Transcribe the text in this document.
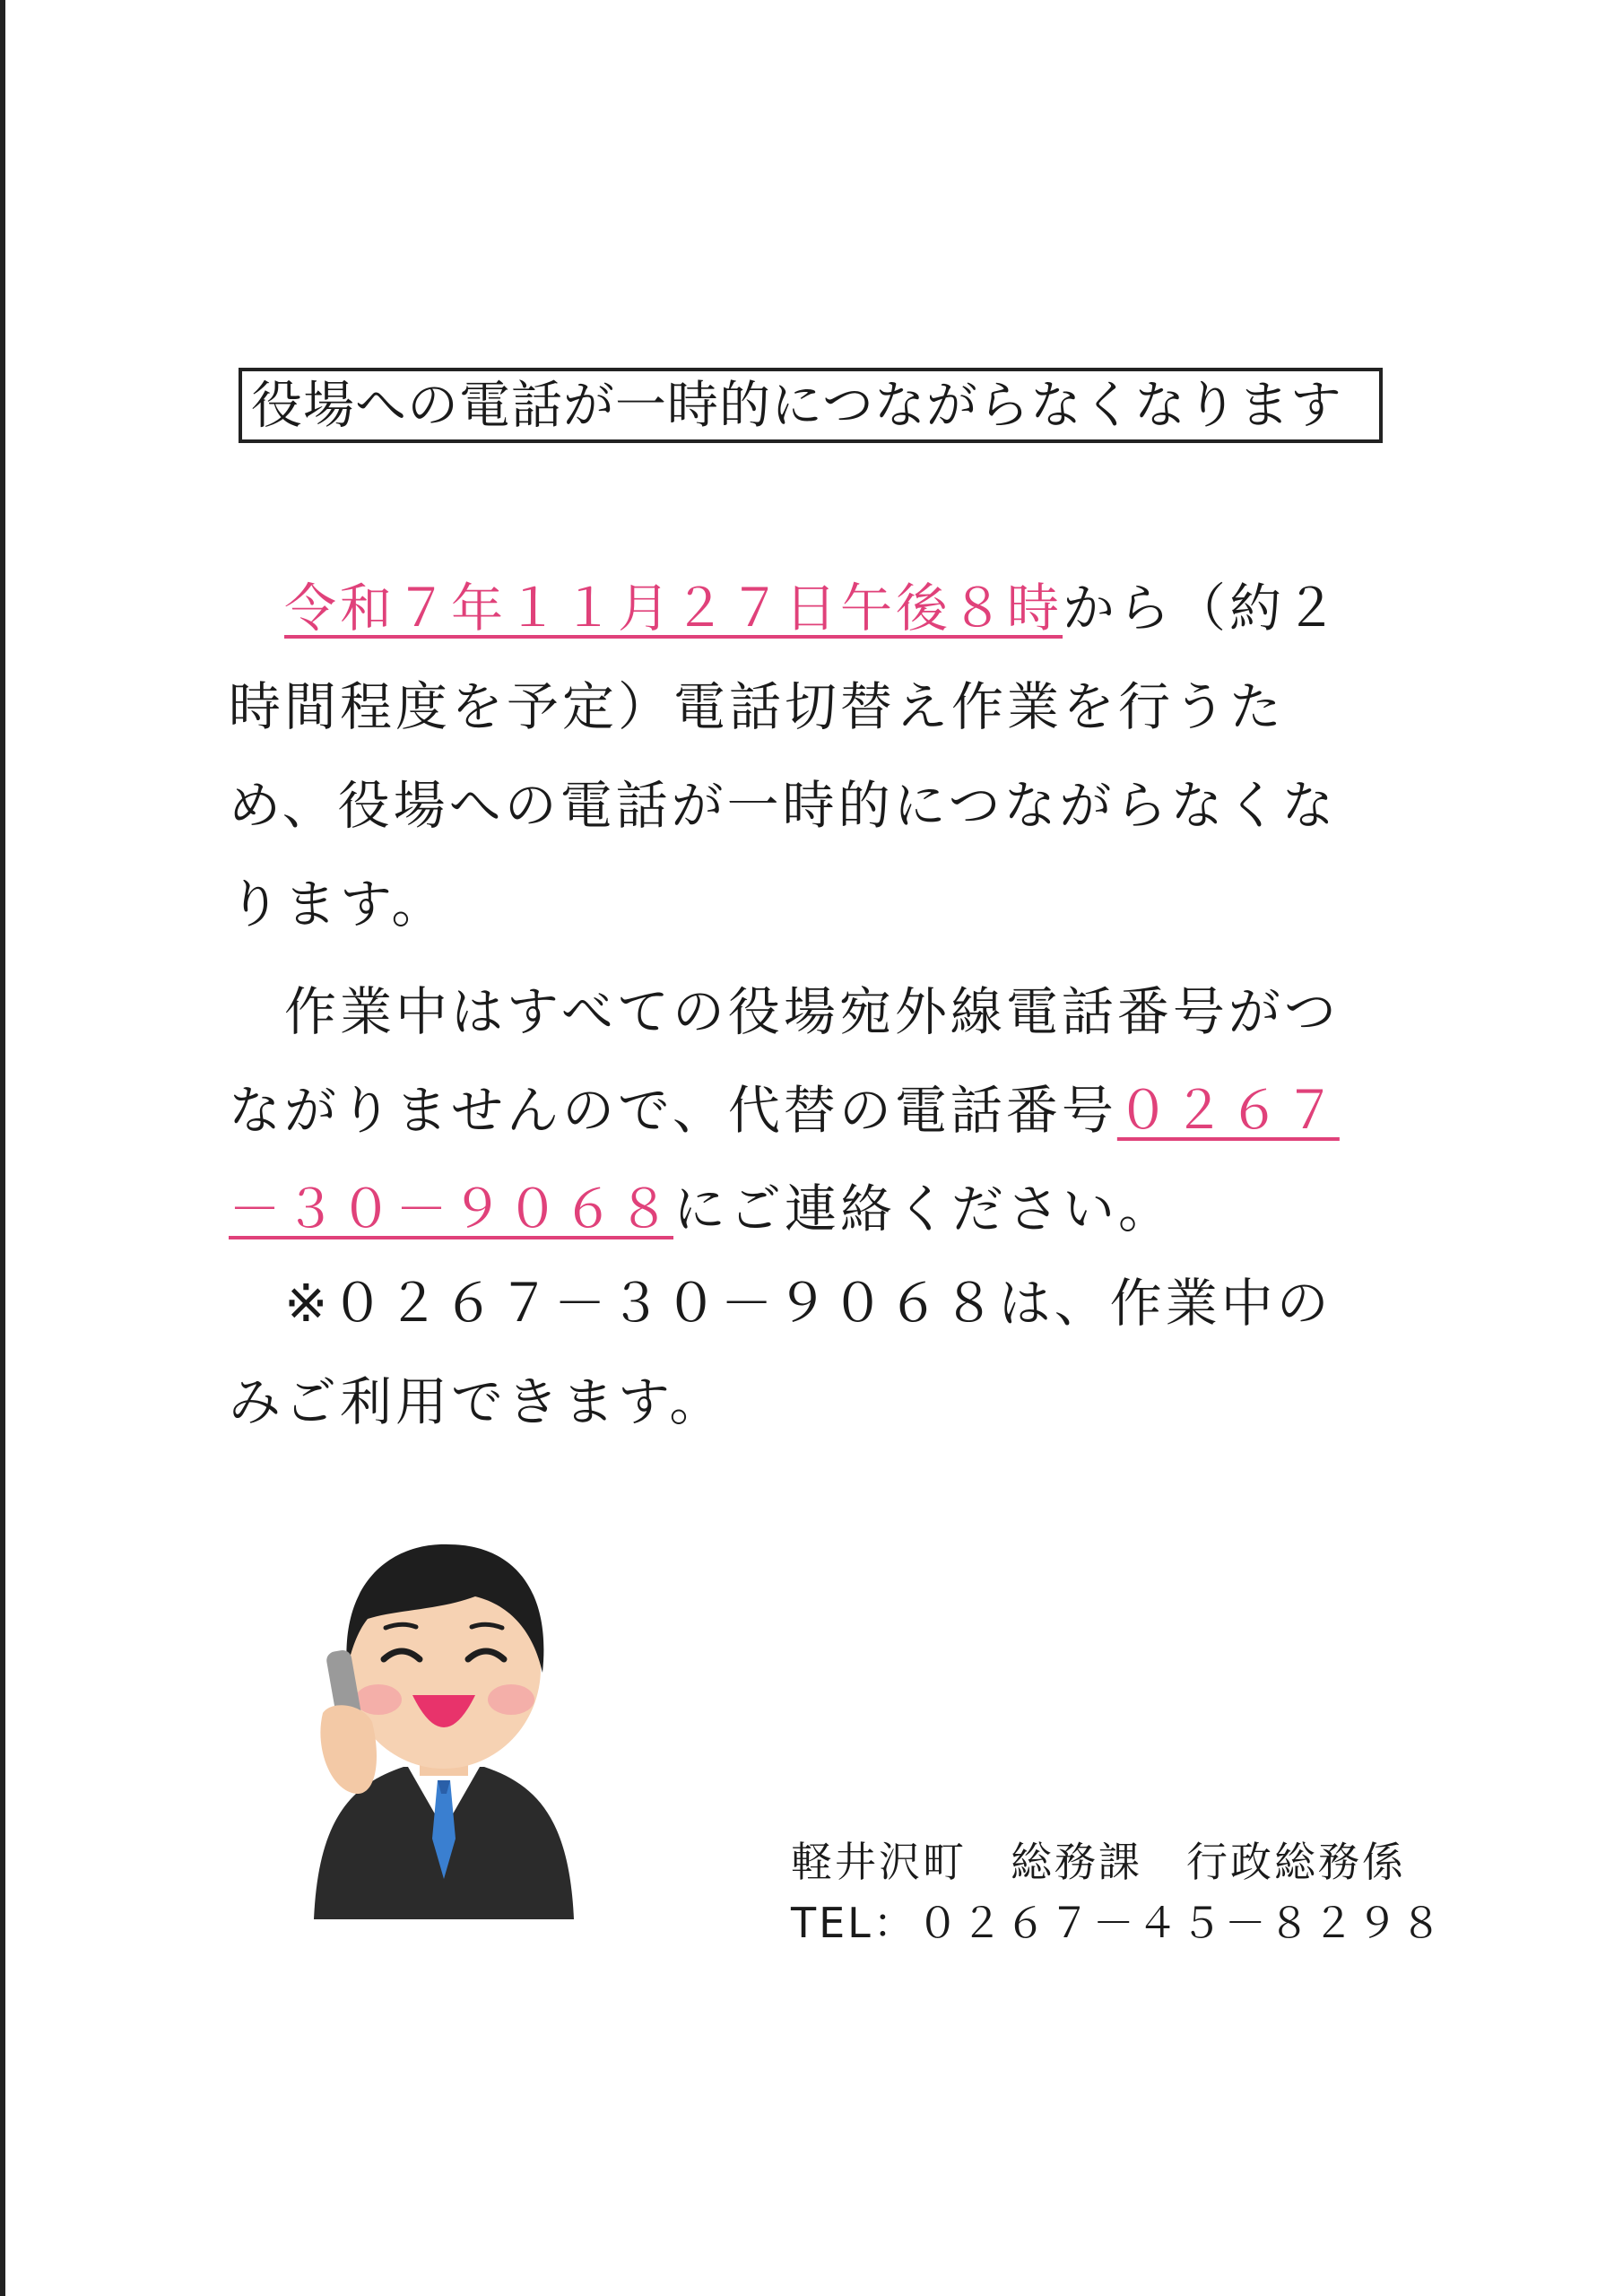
役場への電話が一時的につながらなくなります
　令和７年１１月２７日午後８時から（約２時間程度を予定）電話切替え作業を行うため、役場への電話が一時的につながらなくなります。
　作業中はすべての役場宛外線電話番号がつながりませんので、代替の電話番号０２６７－３０－９０６８にご連絡ください。
　※０２６７－３０－９０６８は、作業中のみご利用できます。
軽井沢町　総務課　行政総務係
TEL：０２６７－４５－８２９８
